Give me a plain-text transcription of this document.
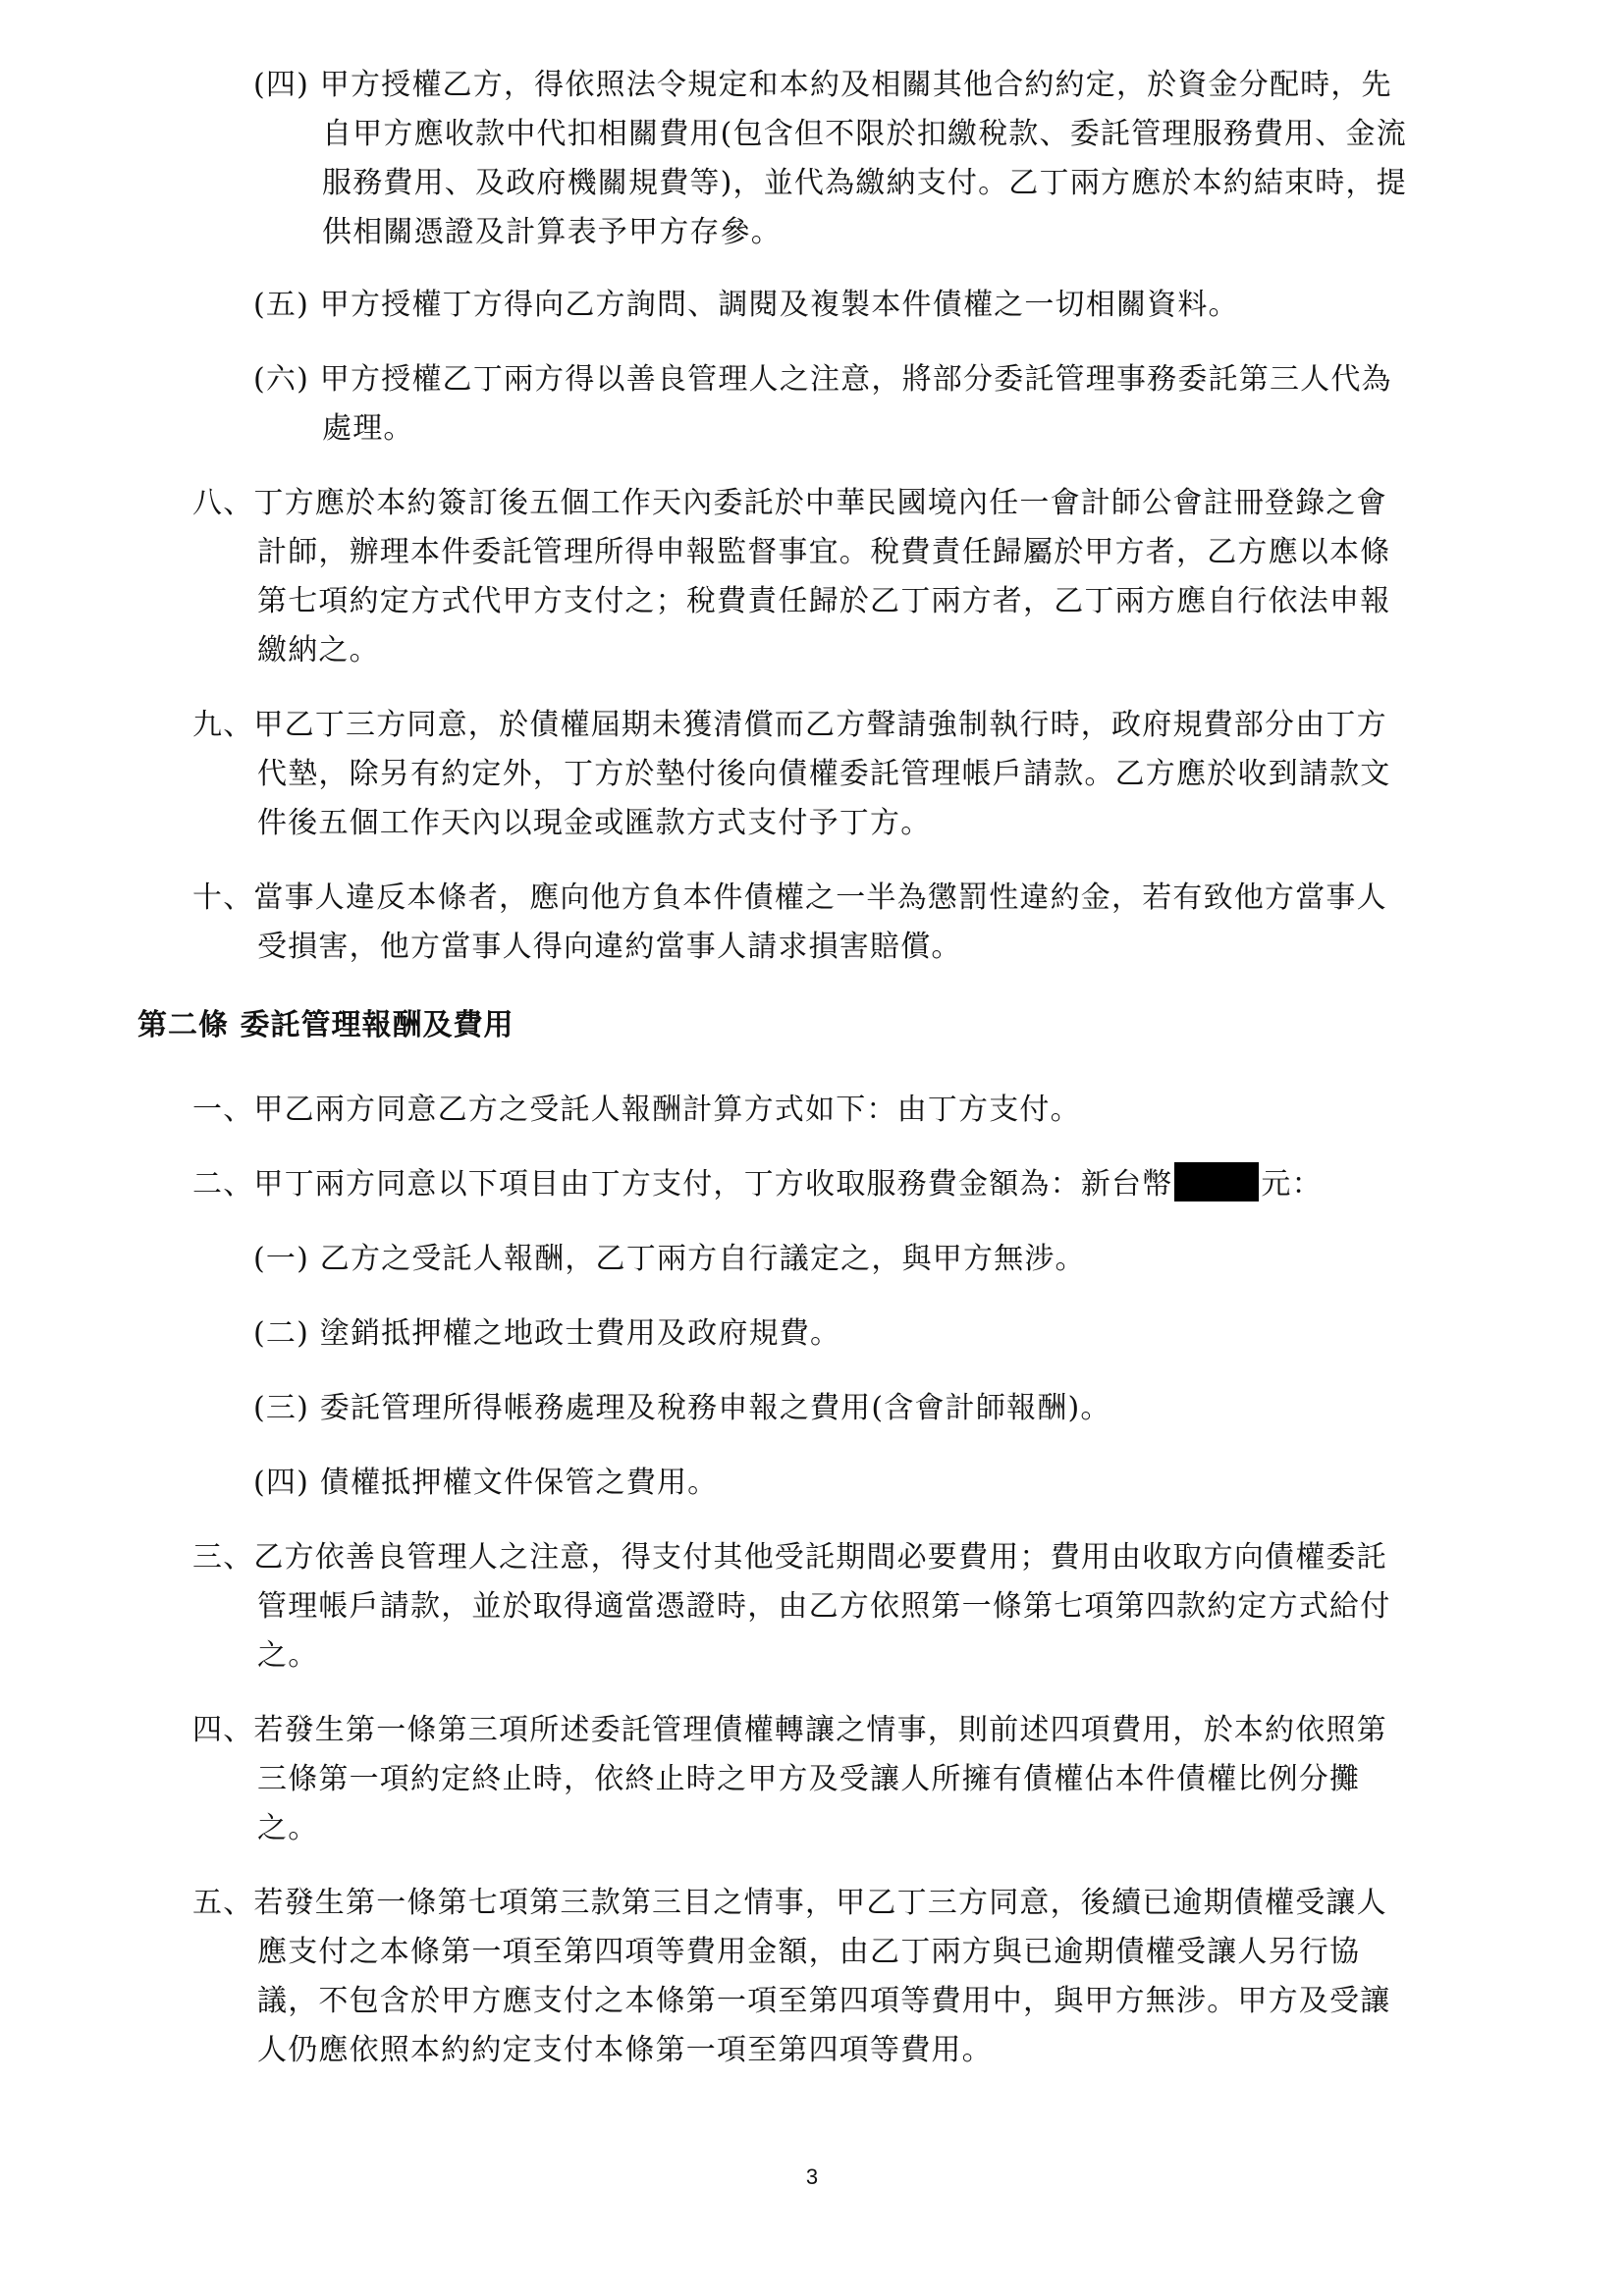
(四) 甲方授權乙方，得依照法令規定和本約及相關其他合約約定，於資金分配時，先
自甲方應收款中代扣相關費用(包含但不限於扣繳稅款、委託管理服務費用、金流
服務費用、及政府機關規費等)，並代為繳納支付。乙丁兩方應於本約結束時，提
供相關憑證及計算表予甲方存參。
(五) 甲方授權丁方得向乙方詢問、調閱及複製本件債權之一切相關資料。
(六) 甲方授權乙丁兩方得以善良管理人之注意，將部分委託管理事務委託第三人代為
處理。
八、丁方應於本約簽訂後五個工作天內委託於中華民國境內任一會計師公會註冊登錄之會
計師，辦理本件委託管理所得申報監督事宜。稅費責任歸屬於甲方者，乙方應以本條
第七項約定方式代甲方支付之；稅費責任歸於乙丁兩方者，乙丁兩方應自行依法申報
繳納之。
九、甲乙丁三方同意，於債權屆期未獲清償而乙方聲請強制執行時，政府規費部分由丁方
代墊，除另有約定外，丁方於墊付後向債權委託管理帳戶請款。乙方應於收到請款文
件後五個工作天內以現金或匯款方式支付予丁方。
十、當事人違反本條者，應向他方負本件債權之一半為懲罰性違約金，若有致他方當事人
受損害，他方當事人得向違約當事人請求損害賠償。
第二條 委託管理報酬及費用
一、甲乙兩方同意乙方之受託人報酬計算方式如下：由丁方支付。
二、甲丁兩方同意以下項目由丁方支付，丁方收取服務費金額為：新台幣	元：
(一) 乙方之受託人報酬，乙丁兩方自行議定之，與甲方無涉。
(二) 塗銷抵押權之地政士費用及政府規費。
(三) 委託管理所得帳務處理及稅務申報之費用(含會計師報酬)。
(四) 債權抵押權文件保管之費用。
三、乙方依善良管理人之注意，得支付其他受託期間必要費用；費用由收取方向債權委託
管理帳戶請款，並於取得適當憑證時，由乙方依照第一條第七項第四款約定方式給付
之。
四、若發生第一條第三項所述委託管理債權轉讓之情事，則前述四項費用，於本約依照第
三條第一項約定終止時，依終止時之甲方及受讓人所擁有債權佔本件債權比例分攤
之。
五、若發生第一條第七項第三款第三目之情事，甲乙丁三方同意，後續已逾期債權受讓人
應支付之本條第一項至第四項等費用金額，由乙丁兩方與已逾期債權受讓人另行協
議，不包含於甲方應支付之本條第一項至第四項等費用中，與甲方無涉。甲方及受讓
人仍應依照本約約定支付本條第一項至第四項等費用。
3
